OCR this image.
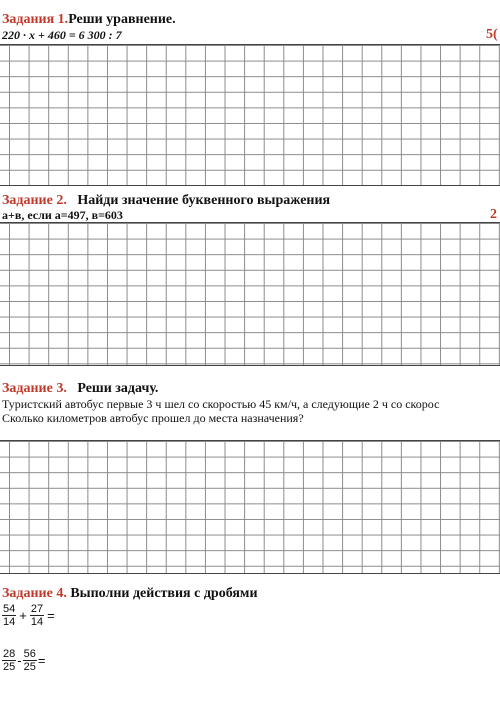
Задания 1.Реши уравнение.
220 · x + 460 = 6 300 : 7	5(
Задание 2. Найди значение буквенного выражения
а+в, если а=497, в=603	2
Задание 3. Реши задачу.
Туристский автобус первые 3 ч шел со скоростью 45 км/ч, а следующие 2 ч со скорос
Сколько километров автобус прошел до места назначения?
Задание 4. Выполни действия с дробями
$\frac{54}{14} + \frac{27}{14}$ =
$\frac{28}{25} - \frac{56}{25}$ =
